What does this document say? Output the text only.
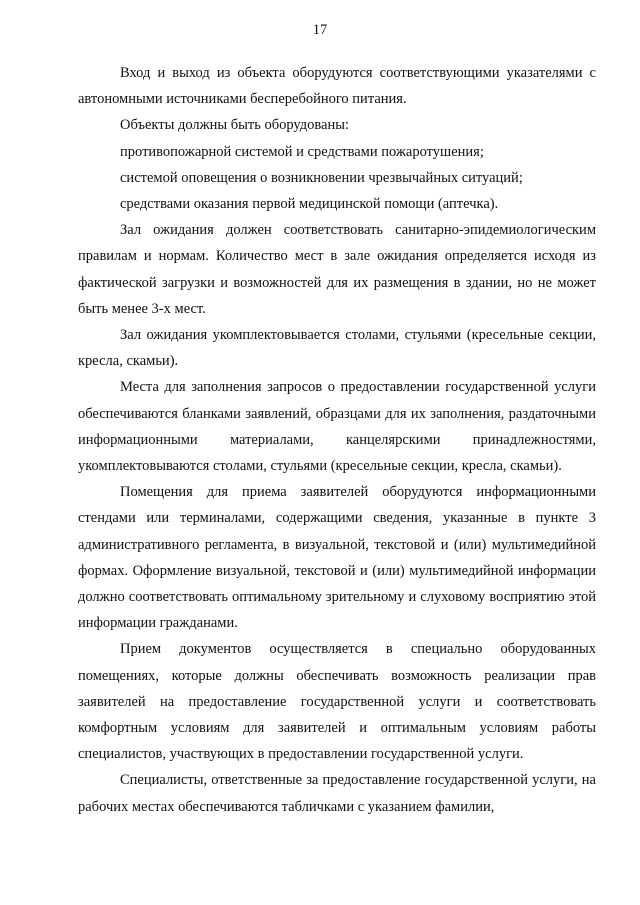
17

Вход и выход из объекта оборудуются соответствующими указателями с автономными источниками бесперебойного питания.

Объекты должны быть оборудованы:

противопожарной системой и средствами пожаротушения;

системой оповещения о возникновении чрезвычайных ситуаций;

средствами оказания первой медицинской помощи (аптечка).

Зал ожидания должен соответствовать санитарно-эпидемиологическим правилам и нормам. Количество мест в зале ожидания определяется исходя из фактической загрузки и возможностей для их размещения в здании, но не может быть менее 3-х мест.

Зал ожидания укомплектовывается столами, стульями (кресельные секции, кресла, скамьи).

Места для заполнения запросов о предоставлении государственной услуги обеспечиваются бланками заявлений, образцами для их заполнения, раздаточными информационными материалами, канцелярскими принадлежностями, укомплектовываются столами, стульями (кресельные секции, кресла, скамьи).

Помещения для приема заявителей оборудуются информационными стендами или терминалами, содержащими сведения, указанные в пункте 3 административного регламента, в визуальной, текстовой и (или) мультимедийной формах. Оформление визуальной, текстовой и (или) мультимедийной информации должно соответствовать оптимальному зрительному и слуховому восприятию этой информации гражданами.

Прием документов осуществляется в специально оборудованных помещениях, которые должны обеспечивать возможность реализации прав заявителей на предоставление государственной услуги и соответствовать комфортным условиям для заявителей и оптимальным условиям работы специалистов, участвующих в предоставлении государственной услуги.

Специалисты, ответственные за предоставление государственной услуги, на рабочих местах обеспечиваются табличками с указанием фамилии,
